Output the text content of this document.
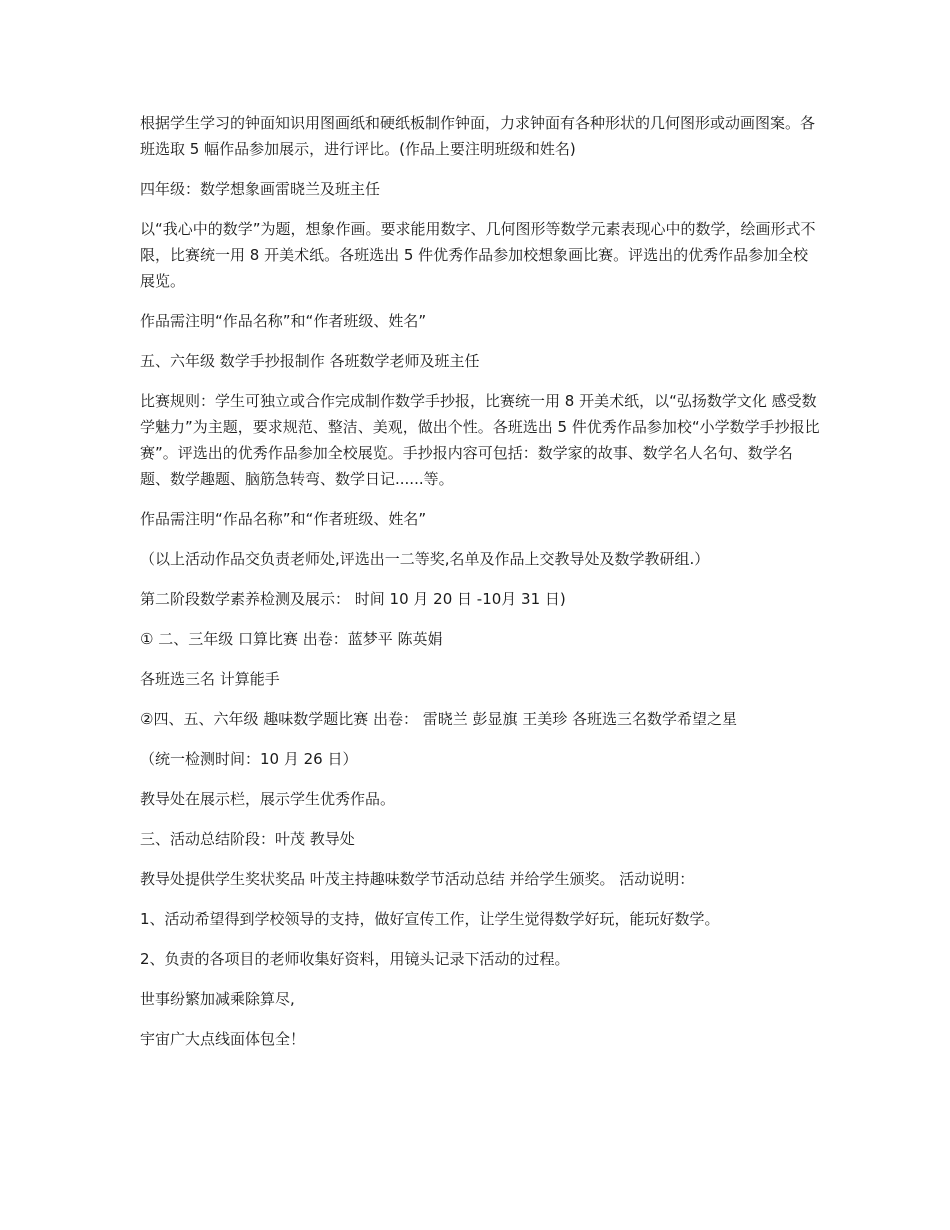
根据学生学习的钟面知识用图画纸和硬纸板制作钟面，力求钟面有各种形状的几何图形或动画图案。各班选取 5 幅作品参加展示，进行评比。(作品上要注明班级和姓名)

四年级：数学想象画雷晓兰及班主任

以“我心中的数学”为题，想象作画。要求能用数字、几何图形等数学元素表现心中的数学，绘画形式不限，比赛统一用 8 开美术纸。各班选出 5 件优秀作品参加校想象画比赛。评选出的优秀作品参加全校展览。

作品需注明“作品名称”和“作者班级、姓名”

五、六年级 数学手抄报制作 各班数学老师及班主任

比赛规则：学生可独立或合作完成制作数学手抄报，比赛统一用 8 开美术纸，以“弘扬数学文化 感受数学魅力”为主题，要求规范、整洁、美观，做出个性。各班选出 5 件优秀作品参加校“小学数学手抄报比赛”。评选出的优秀作品参加全校展览。手抄报内容可包括：数学家的故事、数学名人名句、数学名题、数学趣题、脑筋急转弯、数学日记......等。

作品需注明“作品名称”和“作者班级、姓名”

（以上活动作品交负责老师处,评选出一二等奖,名单及作品上交教导处及数学教研组.）

第二阶段数学素养检测及展示： 时间 10 月 20 日 -10月 31 日)

① 二、三年级 口算比赛 出卷：蓝梦平 陈英娟

各班选三名 计算能手

②四、五、六年级 趣味数学题比赛 出卷： 雷晓兰 彭显旗 王美珍 各班选三名数学希望之星

（统一检测时间：10 月 26 日）

教导处在展示栏，展示学生优秀作品。

三、活动总结阶段：叶茂 教导处

教导处提供学生奖状奖品 叶茂主持趣味数学节活动总结 并给学生颁奖。 活动说明：

1、活动希望得到学校领导的支持，做好宣传工作，让学生觉得数学好玩，能玩好数学。

2、负责的各项目的老师收集好资料，用镜头记录下活动的过程。

世事纷繁加减乘除算尽,

宇宙广大点线面体包全！
